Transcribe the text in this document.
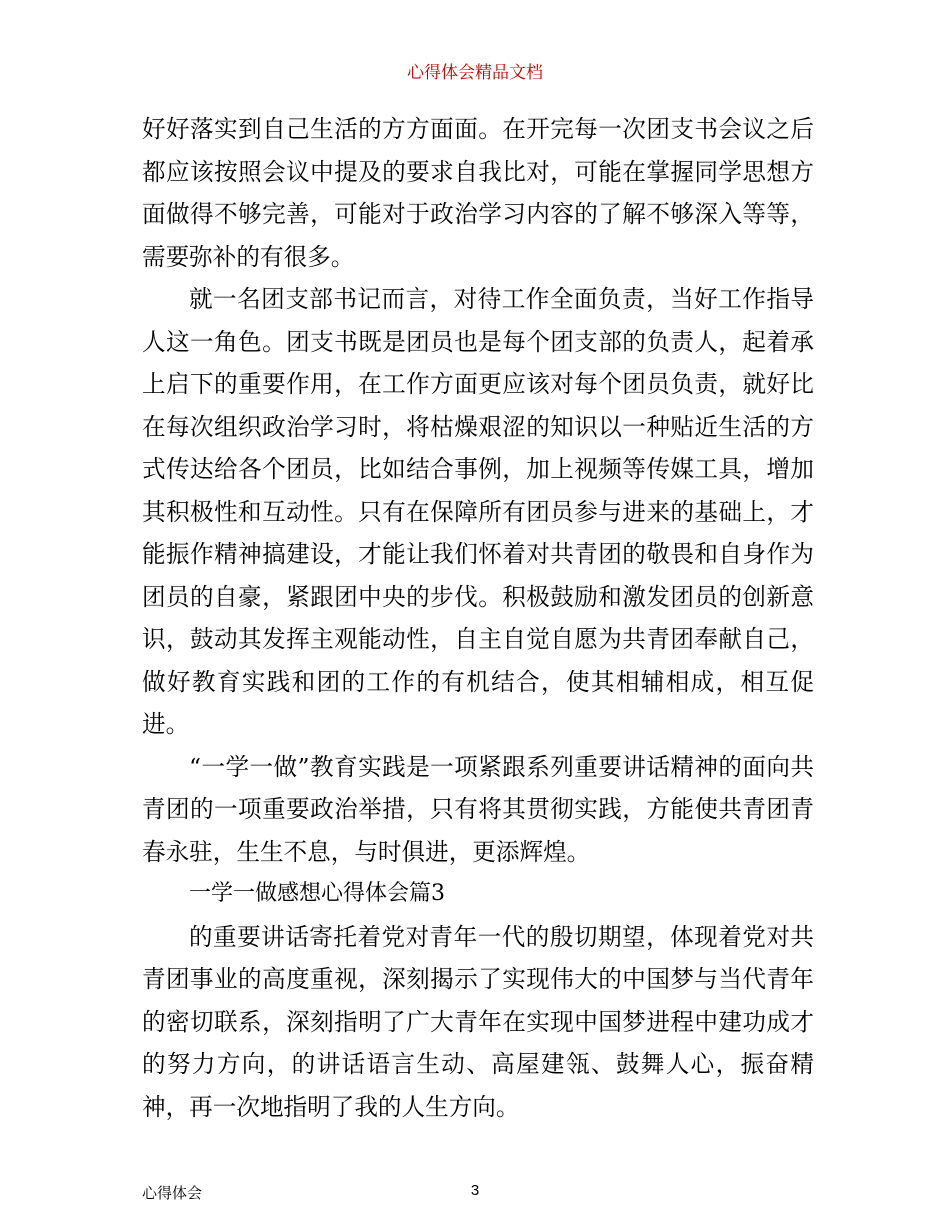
心得体会精品文档

好好落实到自己生活的方方面面。在开完每一次团支书会议之后都应该按照会议中提及的要求自我比对，可能在掌握同学思想方面做得不够完善，可能对于政治学习内容的了解不够深入等等，需要弥补的有很多。

就一名团支部书记而言，对待工作全面负责，当好工作指导人这一角色。团支书既是团员也是每个团支部的负责人，起着承上启下的重要作用，在工作方面更应该对每个团员负责，就好比在每次组织政治学习时，将枯燥艰涩的知识以一种贴近生活的方式传达给各个团员，比如结合事例，加上视频等传媒工具，增加其积极性和互动性。只有在保障所有团员参与进来的基础上，才能振作精神搞建设，才能让我们怀着对共青团的敬畏和自身作为团员的自豪，紧跟团中央的步伐。积极鼓励和激发团员的创新意识，鼓动其发挥主观能动性，自主自觉自愿为共青团奉献自己，做好教育实践和团的工作的有机结合，使其相辅相成，相互促进。

“一学一做”教育实践是一项紧跟系列重要讲话精神的面向共青团的一项重要政治举措，只有将其贯彻实践，方能使共青团青春永驻，生生不息，与时俱进，更添辉煌。

一学一做感想心得体会篇3

的重要讲话寄托着党对青年一代的殷切期望，体现着党对共青团事业的高度重视，深刻揭示了实现伟大的中国梦与当代青年的密切联系，深刻指明了广大青年在实现中国梦进程中建功成才的努力方向，的讲话语言生动、高屋建瓴、鼓舞人心，振奋精神，再一次地指明了我的人生方向。

心得体会	3
